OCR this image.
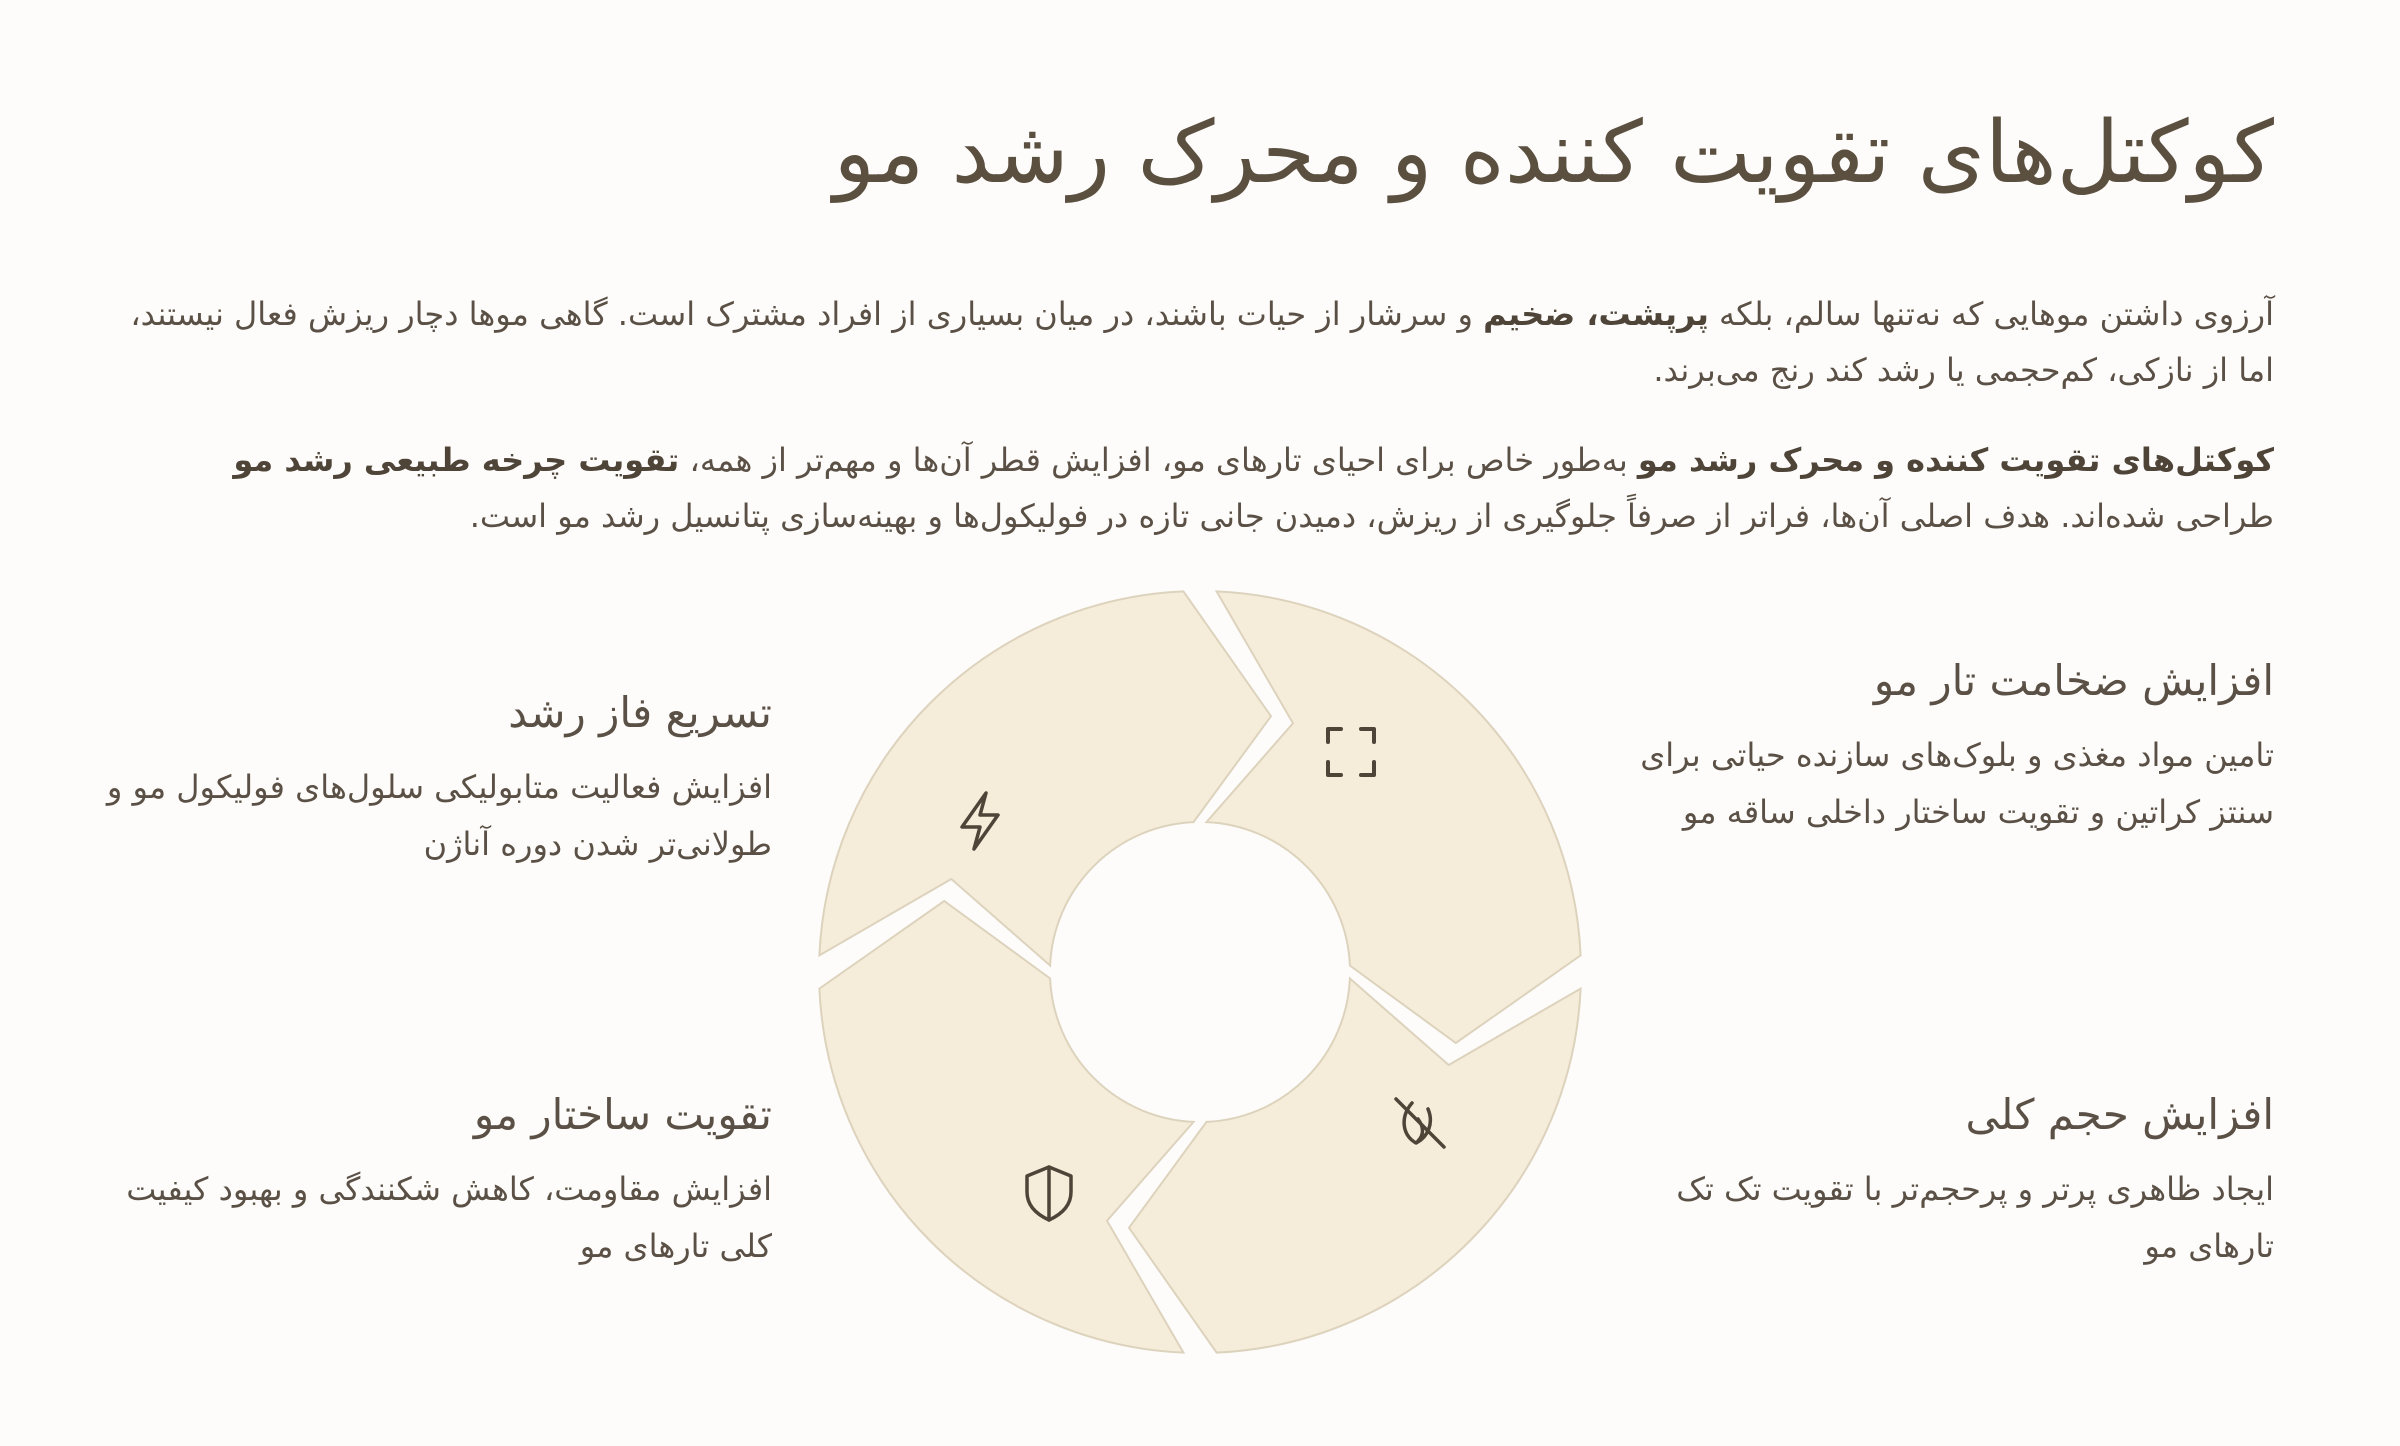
کوکتل‌های تقویت کننده و محرک رشد مو

آرزوی داشتن موهایی که نه‌تنها سالم، بلکه پرپشت، ضخیم و سرشار از حیات باشند، در میان بسیاری از افراد مشترک است. گاهی موها دچار ریزش فعال نیستند، اما از نازکی، کم‌حجمی یا رشد کند رنج می‌برند.

کوکتل‌های تقویت کننده و محرک رشد مو به‌طور خاص برای احیای تارهای مو، افزایش قطر آن‌ها و مهم‌تر از همه، تقویت چرخه طبیعی رشد مو طراحی شده‌اند. هدف اصلی آن‌ها، فراتر از صرفاً جلوگیری از ریزش، دمیدن جانی تازه در فولیکول‌ها و بهینه‌سازی پتانسیل رشد مو است.

افزایش ضخامت تار مو

تامین مواد مغذی و بلوک‌های سازنده حیاتی برای سنتز کراتین و تقویت ساختار داخلی ساقه مو

افزایش حجم کلی

ایجاد ظاهری پرتر و پرحجم‌تر با تقویت تک تک تارهای مو

تسریع فاز رشد

افزایش فعالیت متابولیکی سلول‌های فولیکول مو و طولانی‌تر شدن دوره آناژن

تقویت ساختار مو

افزایش مقاومت، کاهش شکنندگی و بهبود کیفیت کلی تارهای مو
